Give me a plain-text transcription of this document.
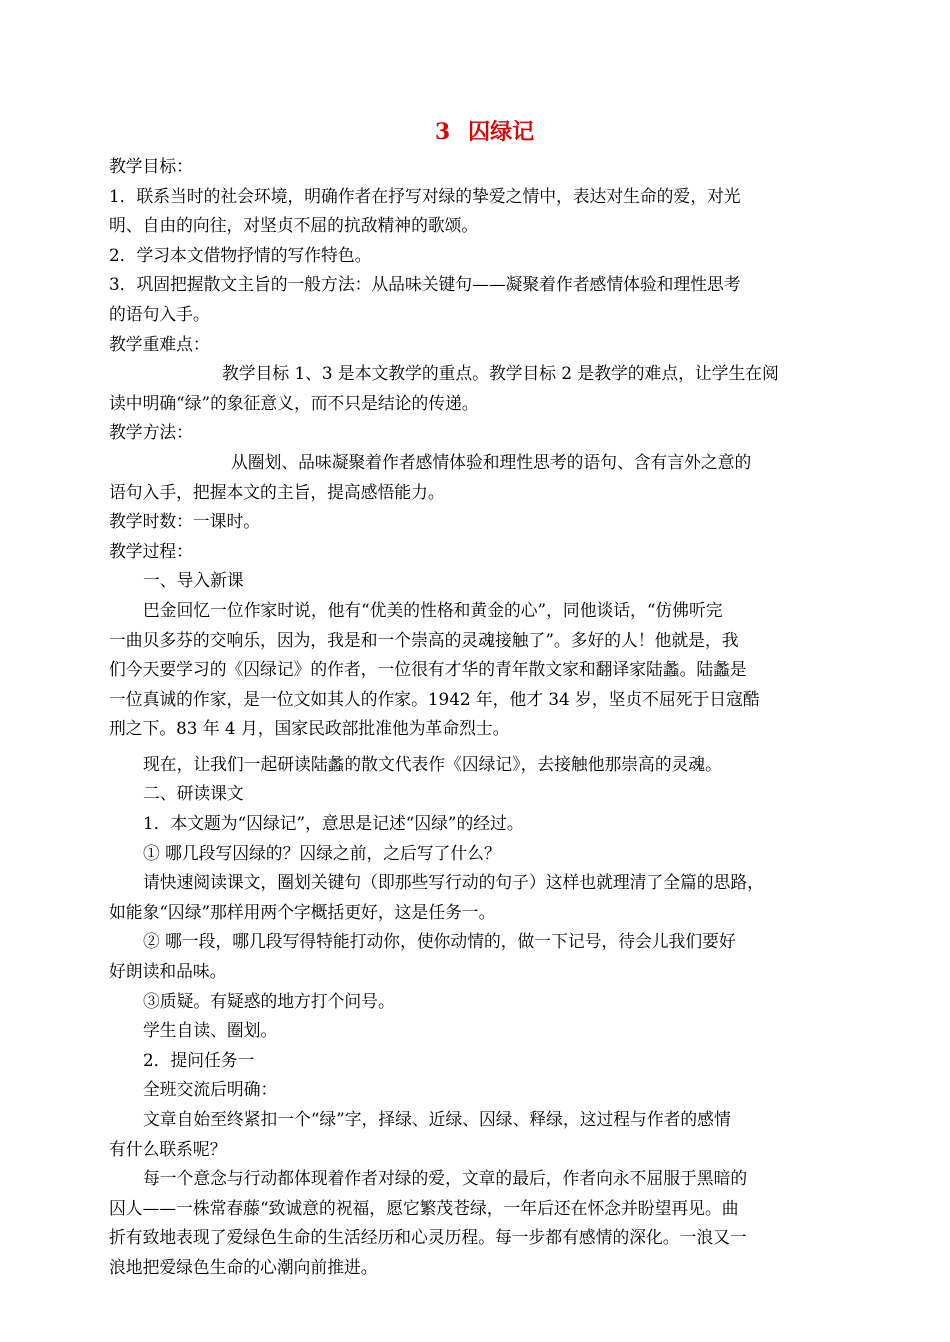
3 囚绿记
教学目标：
1．联系当时的社会环境，明确作者在抒写对绿的挚爱之情中，表达对生命的爱，对光
明、自由的向往，对坚贞不屈的抗敌精神的歌颂。
2．学习本文借物抒情的写作特色。
3．巩固把握散文主旨的一般方法：从品味关键句——凝聚着作者感情体验和理性思考
的语句入手。
教学重难点：
教学目标 1、3 是本文教学的重点。教学目标 2 是教学的难点，让学生在阅
读中明确“绿”的象征意义，而不只是结论的传递。
教学方法：
从圈划、品味凝聚着作者感情体验和理性思考的语句、含有言外之意的
语句入手，把握本文的主旨，提高感悟能力。
教学时数：一课时。
教学过程：
一、导入新课
巴金回忆一位作家时说，他有“优美的性格和黄金的心”，同他谈话，“仿佛听完
一曲贝多芬的交响乐，因为，我是和一个崇高的灵魂接触了”。多好的人！他就是，我
们今天要学习的《囚绿记》的作者，一位很有才华的青年散文家和翻译家陆蠡。陆蠡是
一位真诚的作家，是一位文如其人的作家。1942 年，他才 34 岁，坚贞不屈死于日寇酷
刑之下。83 年 4 月，国家民政部批准他为革命烈士。
现在，让我们一起研读陆蠡的散文代表作《囚绿记》，去接触他那崇高的灵魂。
二、研读课文
1．本文题为“囚绿记”，意思是记述“囚绿”的经过。
① 哪几段写囚绿的？囚绿之前，之后写了什么？
请快速阅读课文，圈划关键句（即那些写行动的句子）这样也就理清了全篇的思路，
如能象“囚绿”那样用两个字概括更好，这是任务一。
② 哪一段，哪几段写得特能打动你，使你动情的，做一下记号，待会儿我们要好
好朗读和品味。
③质疑。有疑惑的地方打个问号。
学生自读、圈划。
2．提问任务一
全班交流后明确：
文章自始至终紧扣一个“绿”字，择绿、近绿、囚绿、释绿，这过程与作者的感情
有什么联系呢？
每一个意念与行动都体现着作者对绿的爱，文章的最后，作者向永不屈服于黑暗的
囚人——一株常春藤“致诚意的祝福，愿它繁茂苍绿，一年后还在怀念并盼望再见。曲
折有致地表现了爱绿色生命的生活经历和心灵历程。每一步都有感情的深化。一浪又一
浪地把爱绿色生命的心潮向前推进。
